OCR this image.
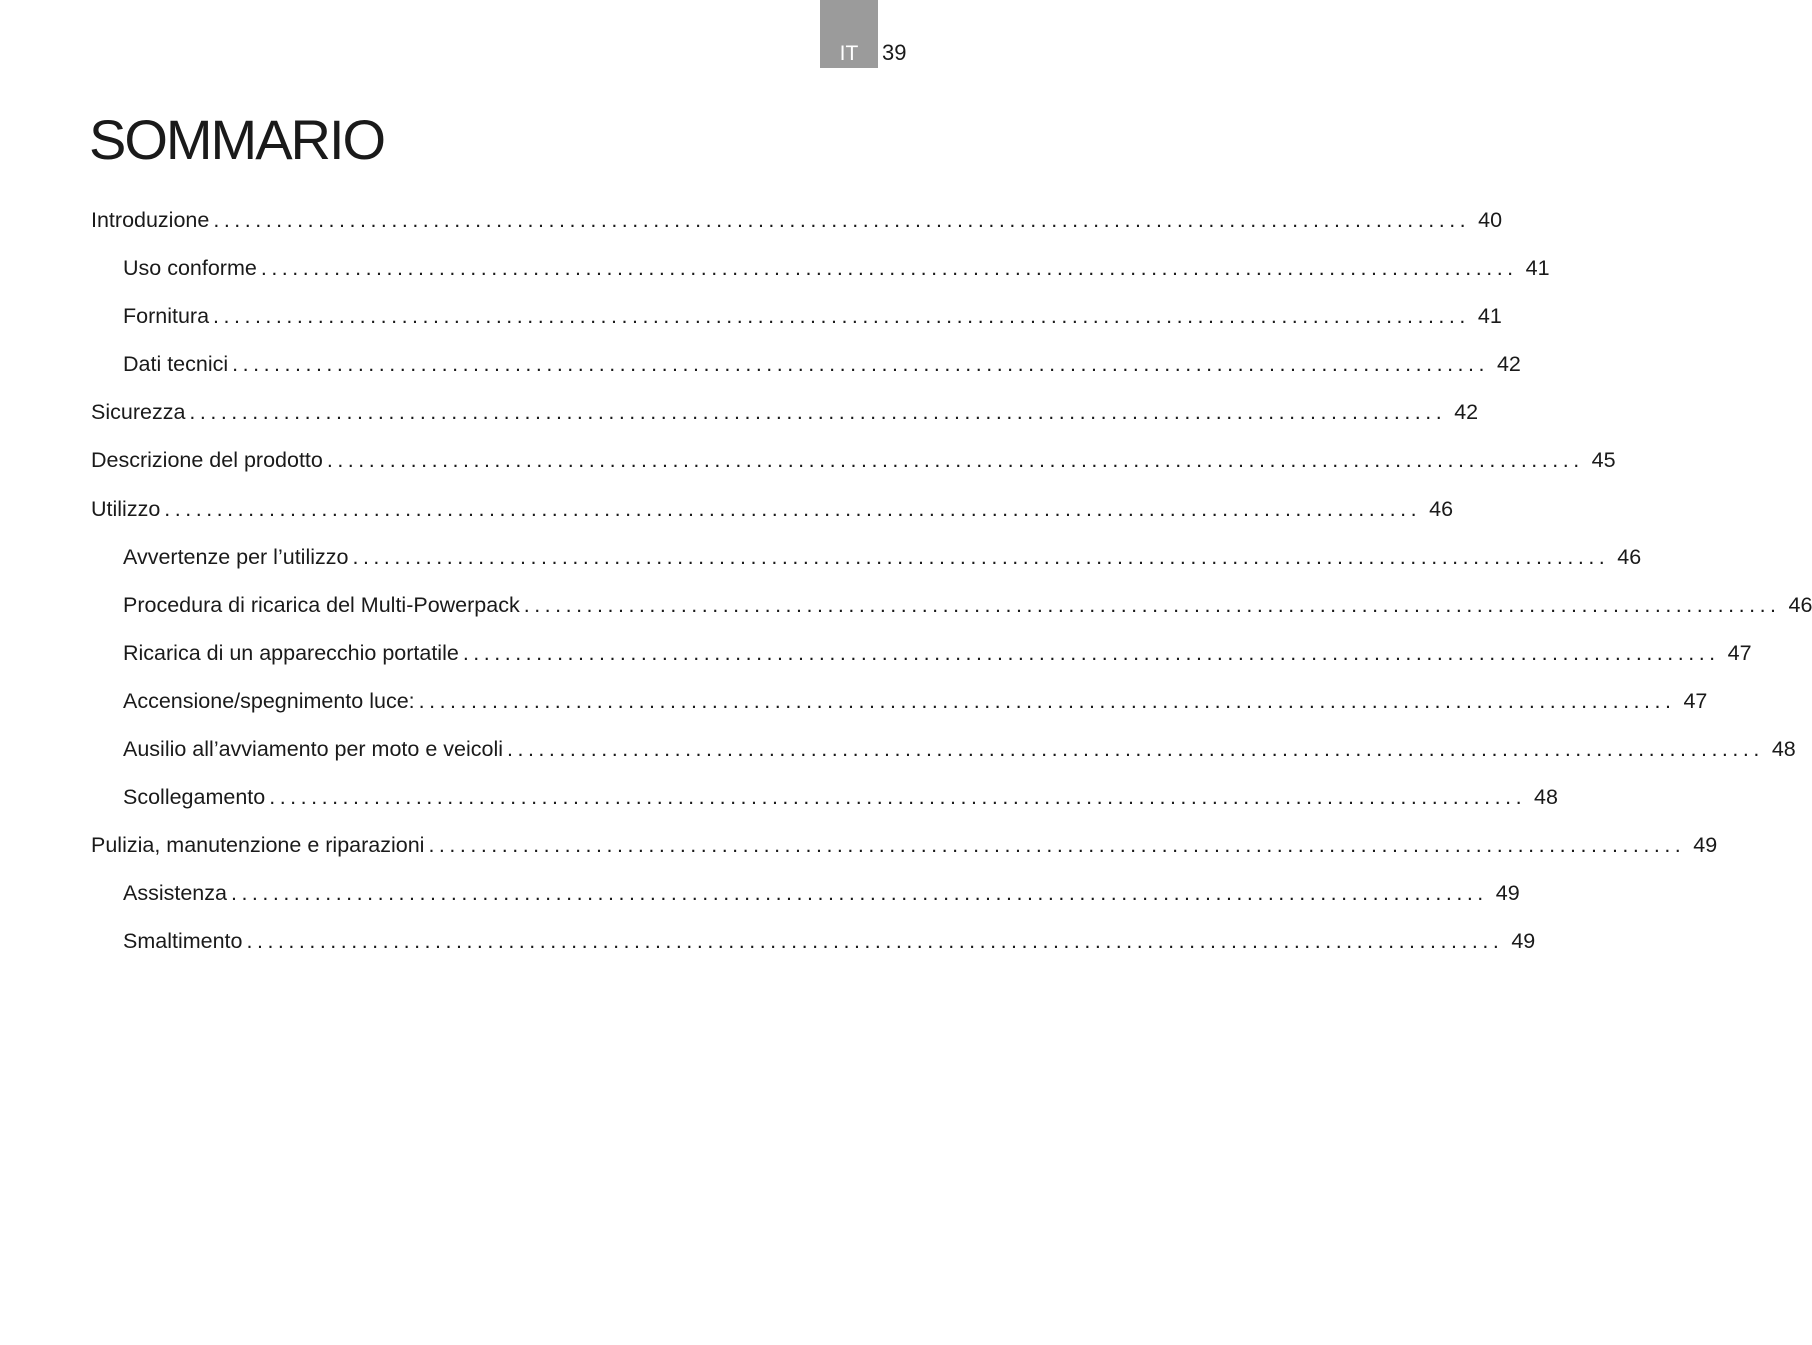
IT	39
SOMMARIO
Introduzione ........................................................................................................................ 40
Uso conforme ........................................................................................................................ 41
Fornitura ........................................................................................................................ 41
Dati tecnici ........................................................................................................................ 42
Sicurezza ........................................................................................................................ 42
Descrizione del prodotto ........................................................................................................................ 45
Utilizzo ........................................................................................................................ 46
Avvertenze per l’utilizzo ........................................................................................................................ 46
Procedura di ricarica del Multi-Powerpack ........................................................................................................................ 46
Ricarica di un apparecchio portatile ........................................................................................................................ 47
Accensione/spegnimento luce: ........................................................................................................................ 47
Ausilio all’avviamento per moto e veicoli ........................................................................................................................ 48
Scollegamento ........................................................................................................................ 48
Pulizia, manutenzione e riparazioni ........................................................................................................................ 49
Assistenza ........................................................................................................................ 49
Smaltimento ........................................................................................................................ 49
